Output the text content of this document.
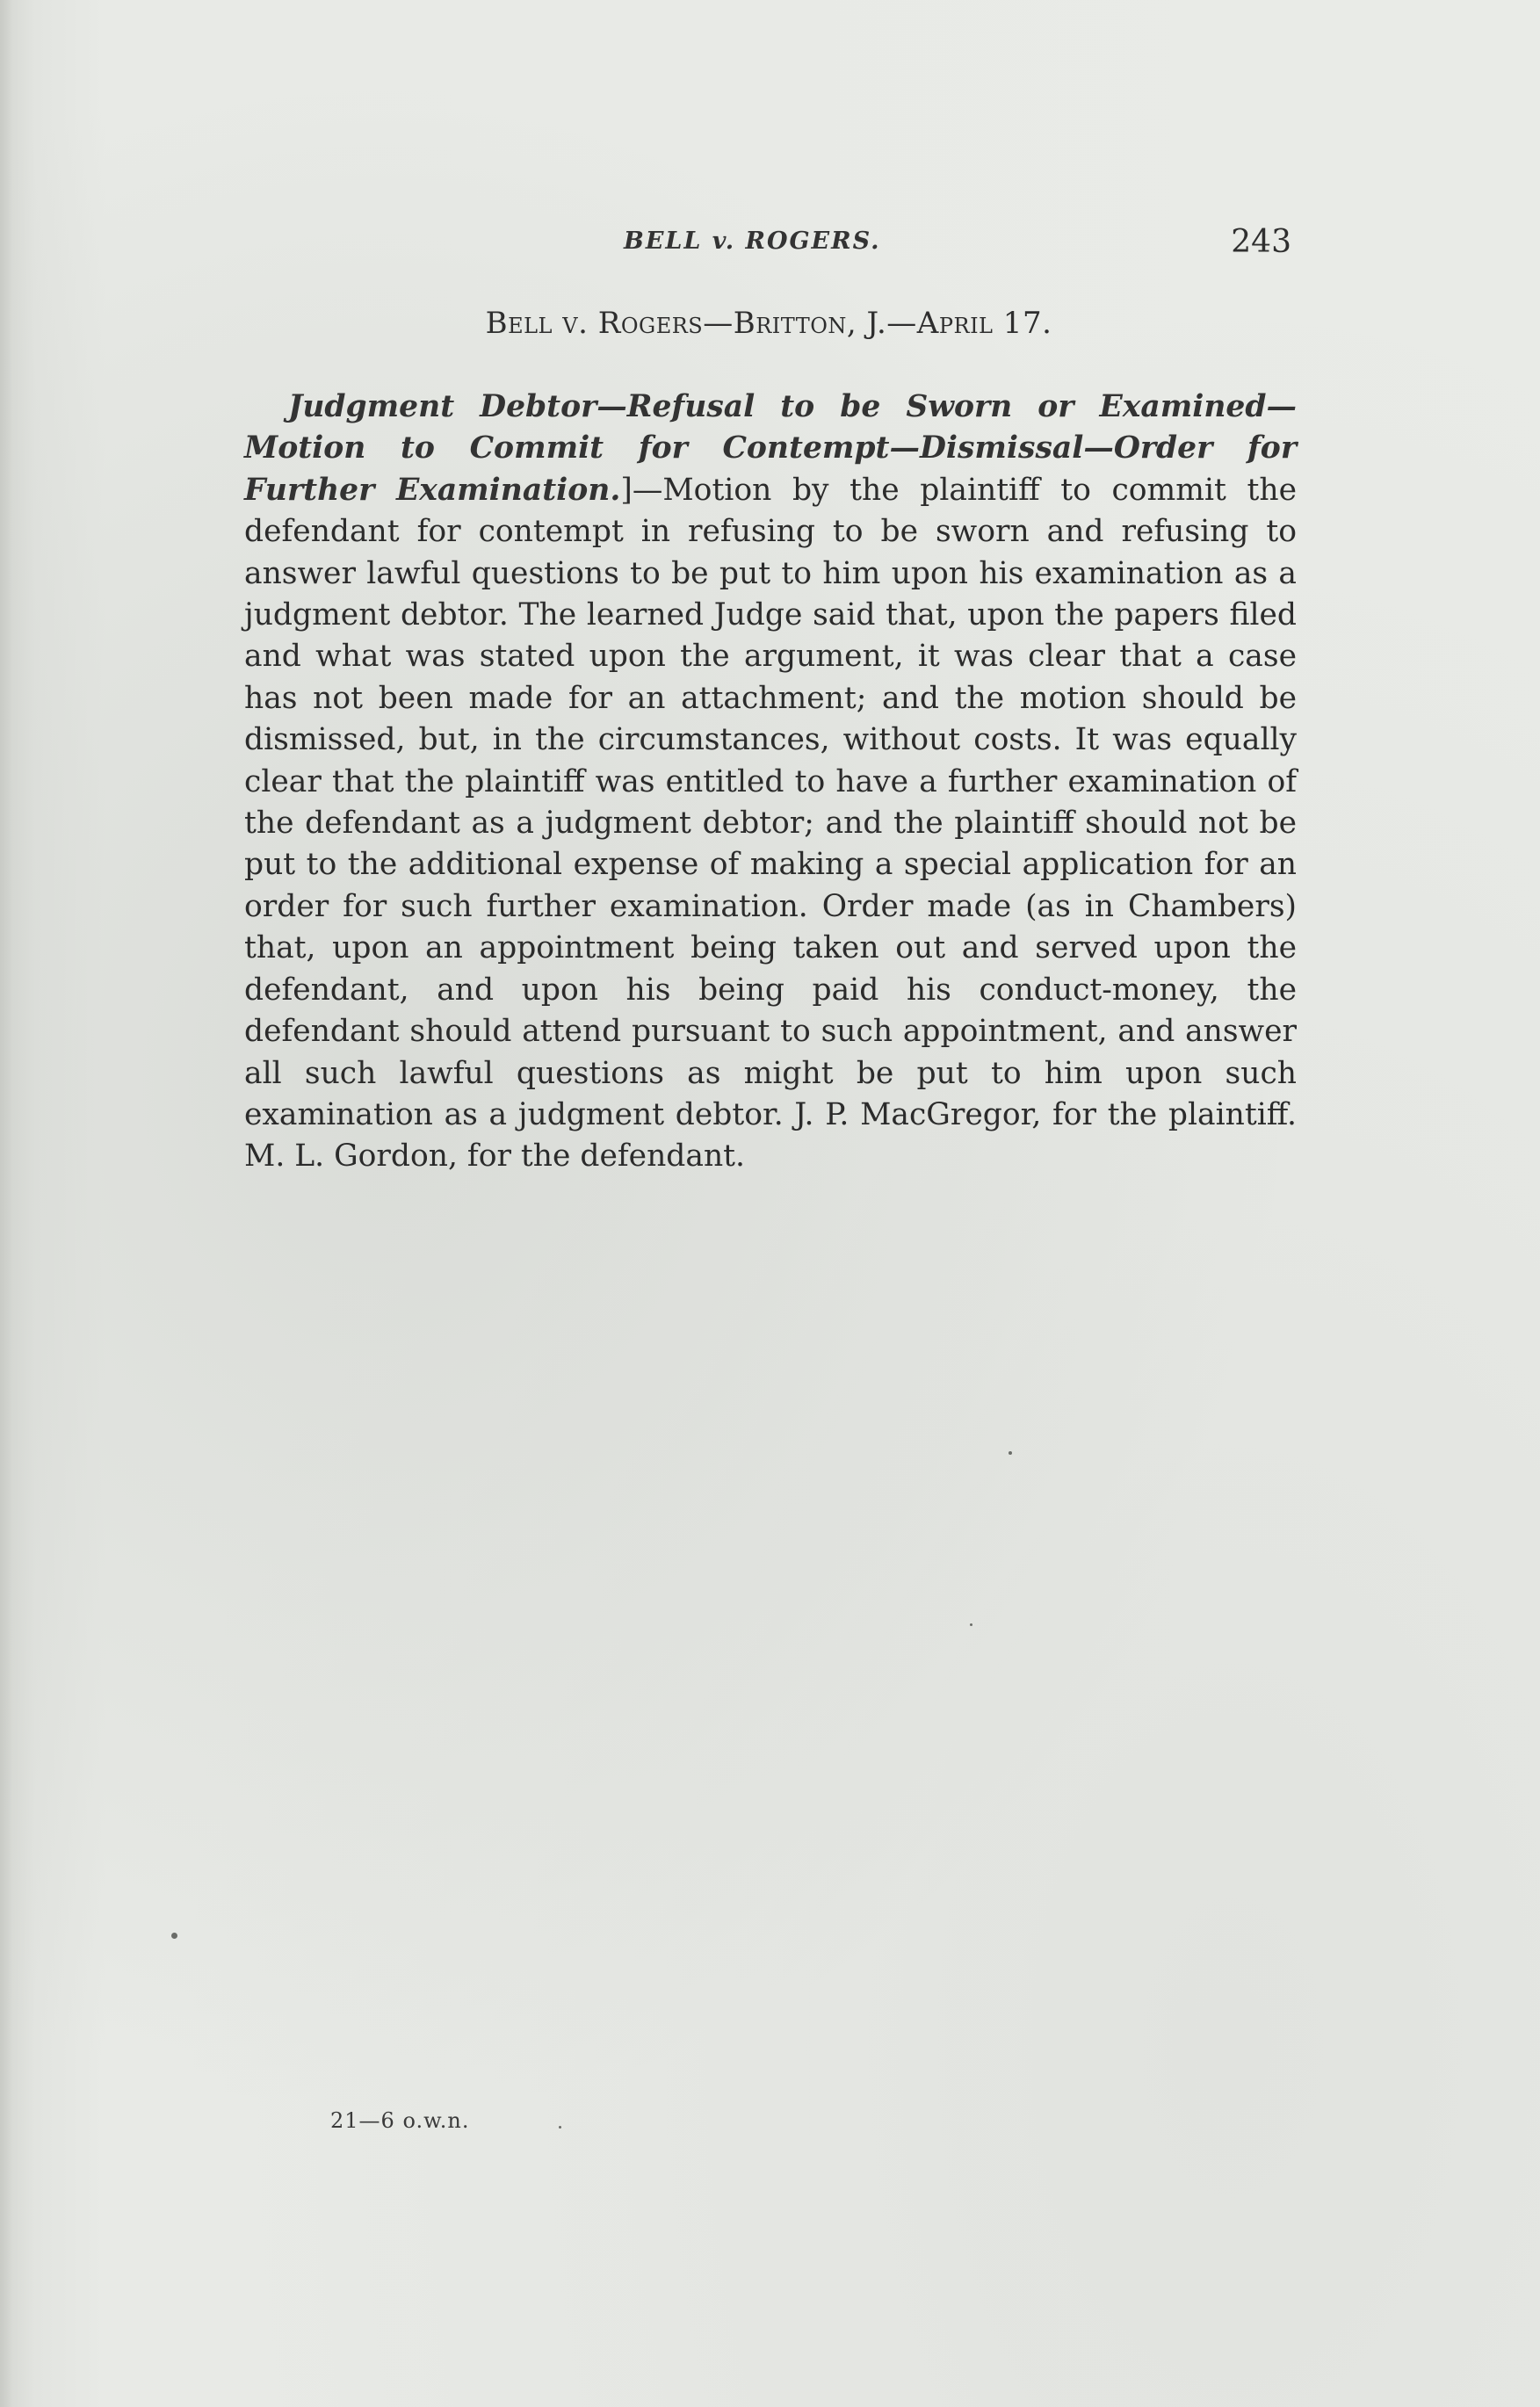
BELL v. ROGERS.	243
Bell v. Rogers—Britton, J.—April 17.

Judgment Debtor—Refusal to be Sworn or Examined—Motion to Commit for Contempt—Dismissal—Order for Further Examination.]—Motion by the plaintiff to commit the defendant for contempt in refusing to be sworn and refusing to answer lawful questions to be put to him upon his examination as a judgment debtor. The learned Judge said that, upon the papers filed and what was stated upon the argument, it was clear that a case has not been made for an attachment; and the motion should be dismissed, but, in the circumstances, without costs. It was equally clear that the plaintiff was entitled to have a further examination of the defendant as a judgment debtor; and the plaintiff should not be put to the additional expense of making a special application for an order for such further examination. Order made (as in Chambers) that, upon an appointment being taken out and served upon the defendant, and upon his being paid his conduct-money, the defendant should attend pursuant to such appointment, and answer all such lawful questions as might be put to him upon such examination as a judgment debtor. J. P. MacGregor, for the plaintiff. M. L. Gordon, for the defendant.

21—6 o.w.n.
